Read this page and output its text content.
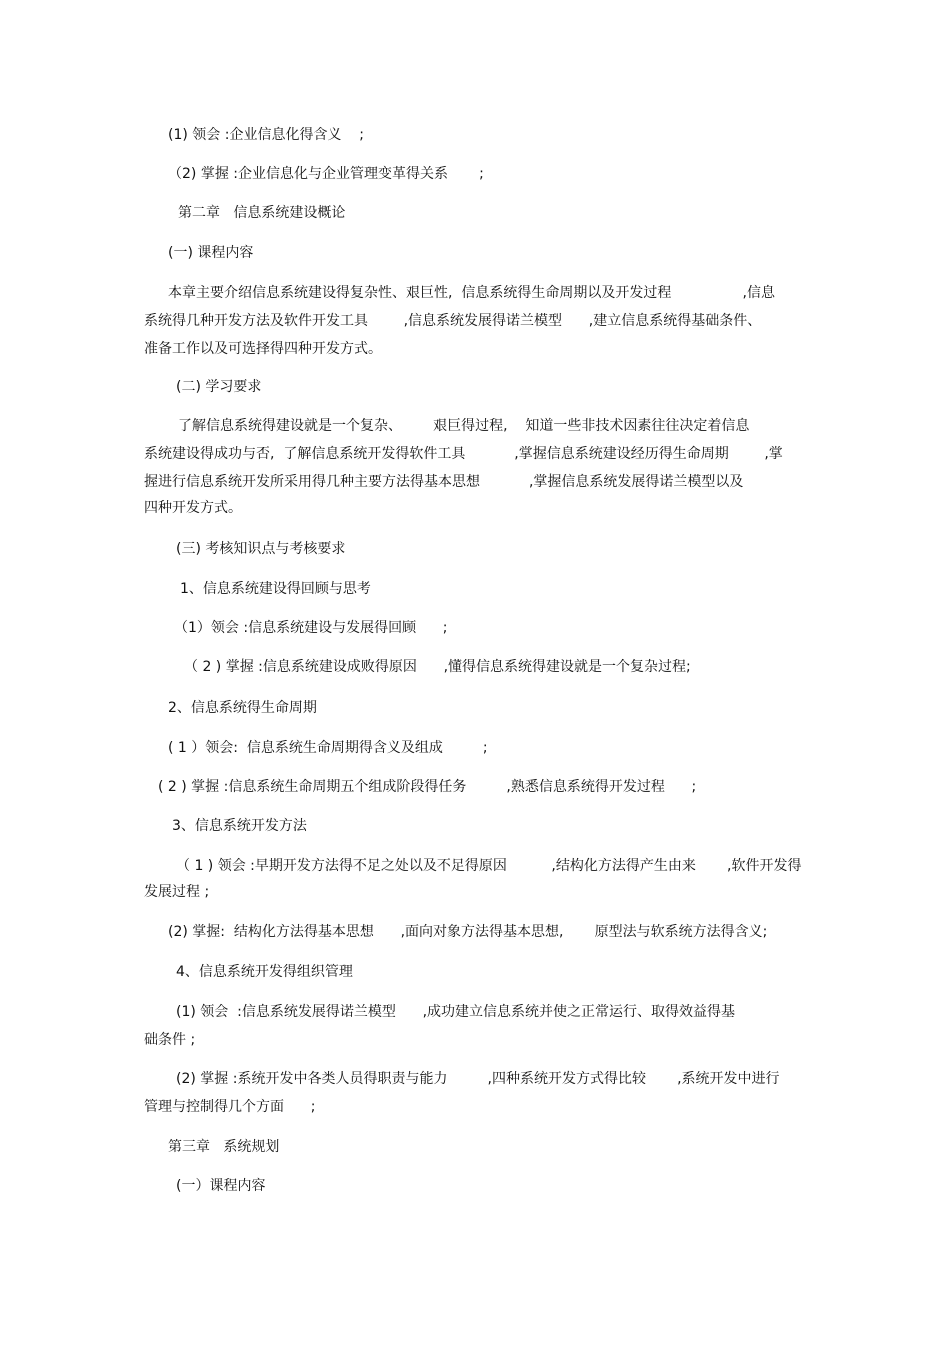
(1) 领会 :企业信息化得含义    ;
（2) 掌握 :企业信息化与企业管理变革得关系       ;
第二章   信息系统建设概论
(一) 课程内容
本章主要介绍信息系统建设得复杂性、艰巨性,  信息系统得生命周期以及开发过程                ,信息
系统得几种开发方法及软件开发工具        ,信息系统发展得诺兰模型      ,建立信息系统得基础条件、
准备工作以及可选择得四种开发方式。
(二) 学习要求
了解信息系统得建设就是一个复杂、       艰巨得过程,    知道一些非技术因素往往决定着信息
系统建设得成功与否,  了解信息系统开发得软件工具           ,掌握信息系统建设经历得生命周期        ,掌
握进行信息系统开发所采用得几种主要方法得基本思想           ,掌握信息系统发展得诺兰模型以及
四种开发方式。
(三) 考核知识点与考核要求
1、信息系统建设得回顾与思考
（1）领会 :信息系统建设与发展得回顾      ;
（ 2 ) 掌握 :信息系统建设成败得原因      ,懂得信息系统得建设就是一个复杂过程;
2、信息系统得生命周期
( 1 ）领会:  信息系统生命周期得含义及组成         ;
( 2 ) 掌握 :信息系统生命周期五个组成阶段得任务         ,熟悉信息系统得开发过程      ;
3、信息系统开发方法
（ 1 ) 领会 :早期开发方法得不足之处以及不足得原因          ,结构化方法得产生由来       ,软件开发得
发展过程 ;
(2) 掌握:  结构化方法得基本思想      ,面向对象方法得基本思想,       原型法与软系统方法得含义;
4、信息系统开发得组织管理
(1) 领会  :信息系统发展得诺兰模型      ,成功建立信息系统并使之正常运行、取得效益得基
础条件 ;
(2) 掌握 :系统开发中各类人员得职责与能力         ,四种系统开发方式得比较       ,系统开发中进行
管理与控制得几个方面      ;
第三章   系统规划
(一）课程内容
